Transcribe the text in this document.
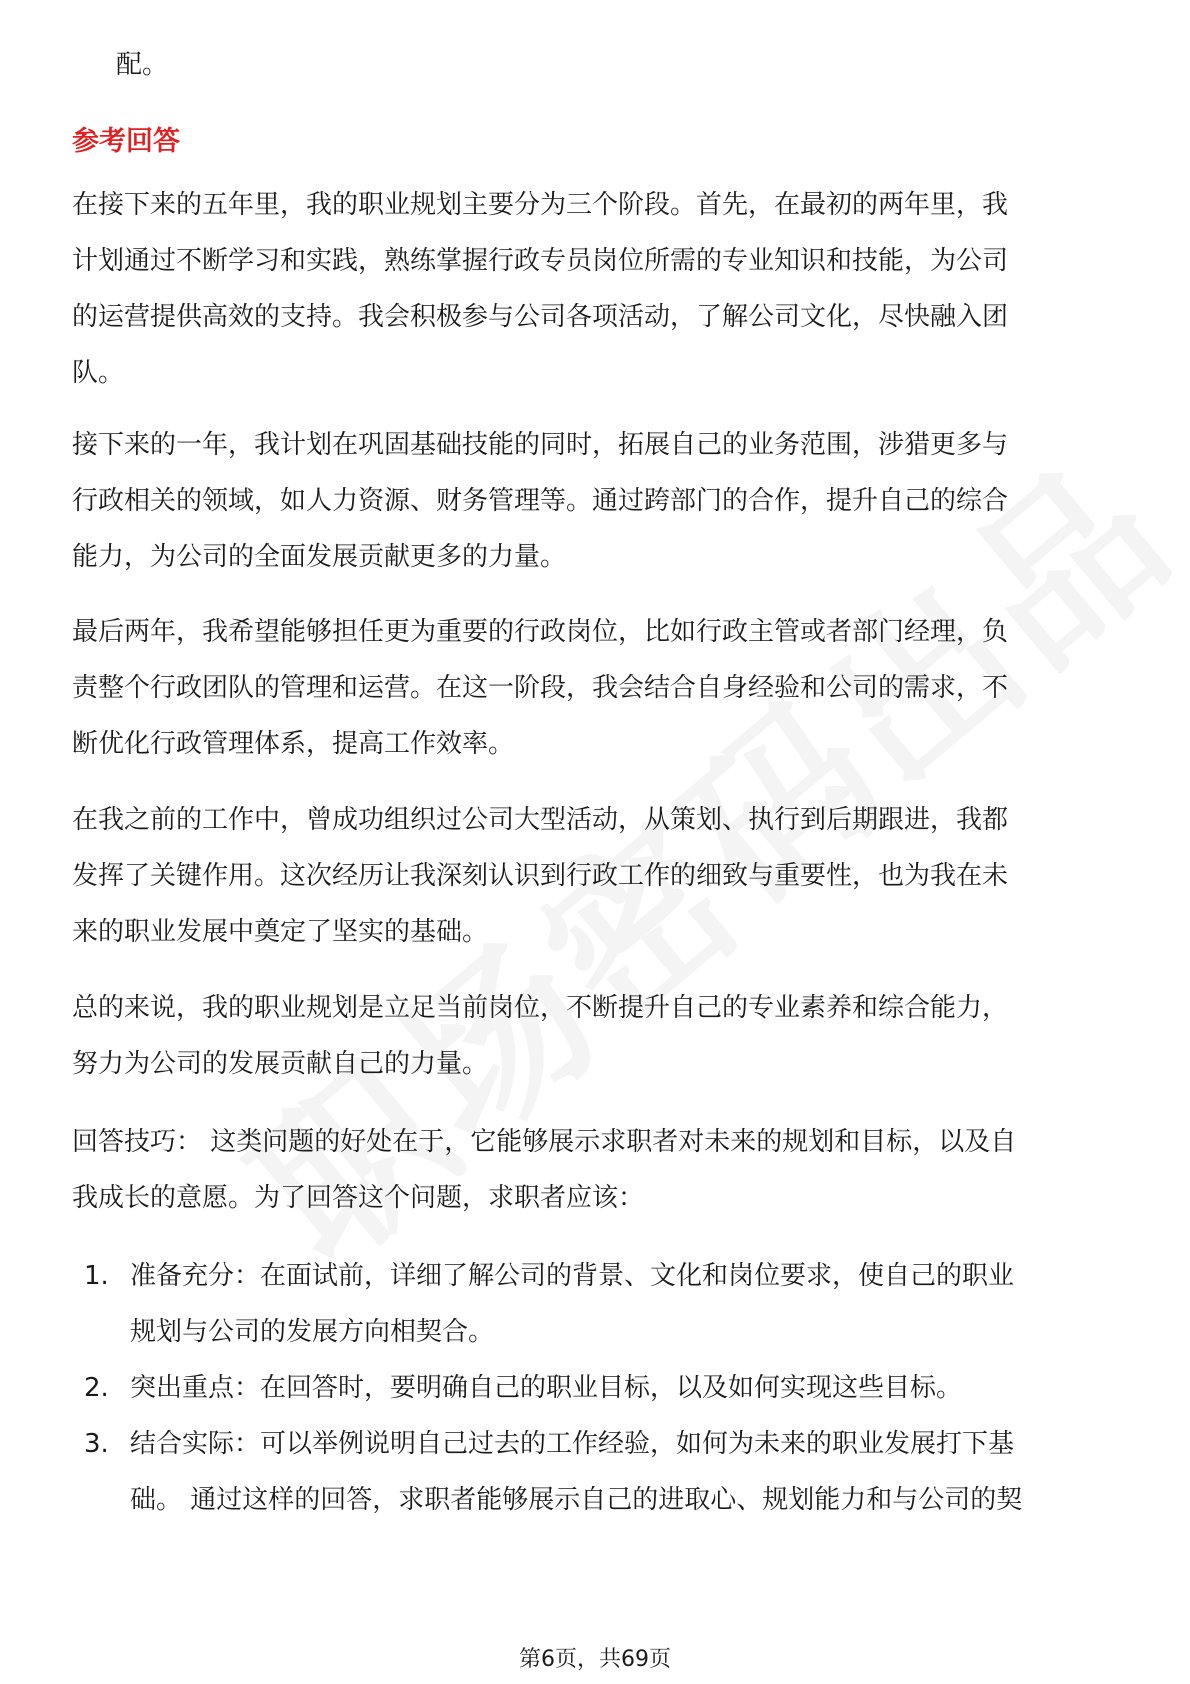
配。
参考回答
在接下来的五年里，我的职业规划主要分为三个阶段。首先，在最初的两年里，我
计划通过不断学习和实践，熟练掌握行政专员岗位所需的专业知识和技能，为公司
的运营提供高效的支持。我会积极参与公司各项活动，了解公司文化，尽快融入团
队。
接下来的一年，我计划在巩固基础技能的同时，拓展自己的业务范围，涉猎更多与
行政相关的领域，如人力资源、财务管理等。通过跨部门的合作，提升自己的综合
能力，为公司的全面发展贡献更多的力量。
最后两年，我希望能够担任更为重要的行政岗位，比如行政主管或者部门经理，负
责整个行政团队的管理和运营。在这一阶段，我会结合自身经验和公司的需求，不
断优化行政管理体系，提高工作效率。
在我之前的工作中，曾成功组织过公司大型活动，从策划、执行到后期跟进，我都
发挥了关键作用。这次经历让我深刻认识到行政工作的细致与重要性，也为我在未
来的职业发展中奠定了坚实的基础。
总的来说，我的职业规划是立足当前岗位，不断提升自己的专业素养和综合能力，
努力为公司的发展贡献自己的力量。
回答技巧： 这类问题的好处在于，它能够展示求职者对未来的规划和目标，以及自
我成长的意愿。为了回答这个问题，求职者应该：
1. 准备充分：在面试前，详细了解公司的背景、文化和岗位要求，使自己的职业
规划与公司的发展方向相契合。
2. 突出重点：在回答时，要明确自己的职业目标，以及如何实现这些目标。
3. 结合实际：可以举例说明自己过去的工作经验，如何为未来的职业发展打下基
础。 通过这样的回答，求职者能够展示自己的进取心、规划能力和与公司的契
第6页，共69页
